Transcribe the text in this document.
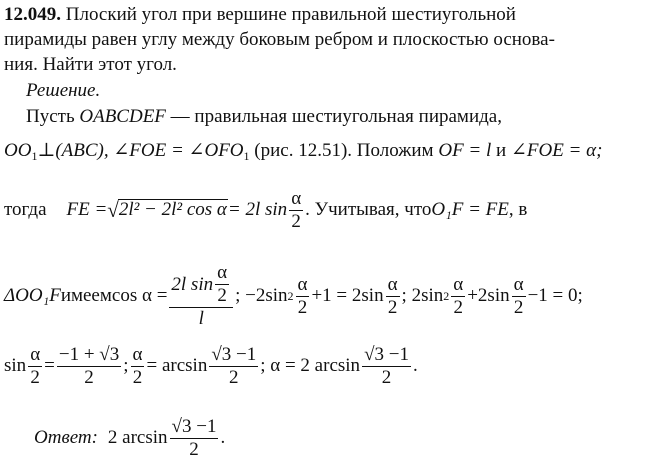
12.049. Плоский угол при вершине правильной шестиугольной
пирамиды равен углу между боковым ребром и плоскостью основа-
ния. Найти этот угол.
Решение.
Пусть OABCDEF — правильная шестиугольная пирамида,
$OO_1\perp(ABC)$, ∠FOE = $\angle OFO_1$ (рис. 12.51). Положим OF = l и ∠FOE = α;
тогда FE = √ 2l² − 2l² cos α = 2l $\sin \frac{\alpha}{2}$ . Учитывая, что O₁F = FE , в
ΔOO₁F имеем $\cos \alpha = \frac{2l \sin \frac{\alpha}{2}}{l}$ ; −2sin $2 \frac{\alpha}{2} +1 = 2\sin \frac{\alpha}{2}$ ; 2sin $2 \frac{\alpha}{2} +2\sin \frac{\alpha}{2} -1 = 0$;
$\sin \frac{\alpha}{2} = \frac{-1 + √3}{2}$ ; $\frac{\alpha}{2} = \arcsin \frac{√3 -1}{2}$ ; α = 2 $\arcsin \frac{√3 -1}{2}$ .
Ответ: 2 $\arcsin \frac{√3 -1}{2}$ .
